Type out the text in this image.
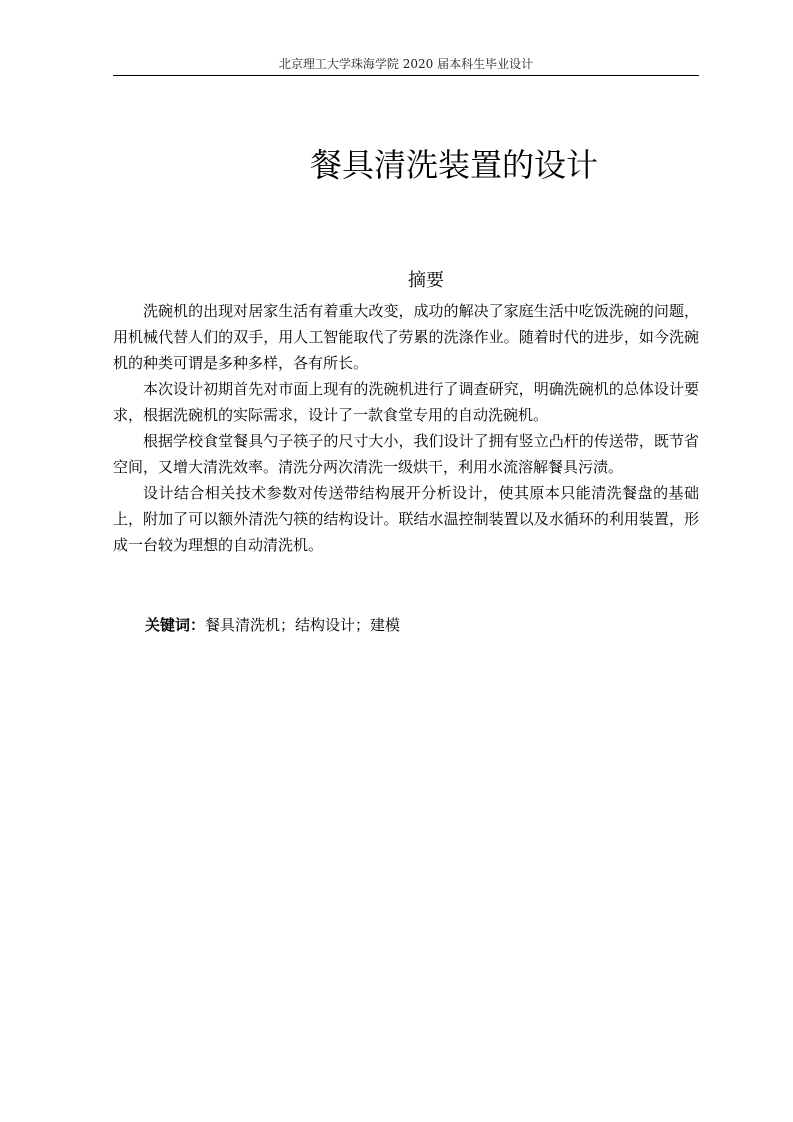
北京理工大学珠海学院 2020 届本科生毕业设计
餐具清洗装置的设计
摘要

洗碗机的出现对居家生活有着重大改变，成功的解决了家庭生活中吃饭洗碗的问题，用机械代替人们的双手，用人工智能取代了劳累的洗涤作业。随着时代的进步，如今洗碗机的种类可谓是多种多样，各有所长。

本次设计初期首先对市面上现有的洗碗机进行了调查研究，明确洗碗机的总体设计要求，根据洗碗机的实际需求，设计了一款食堂专用的自动洗碗机。

根据学校食堂餐具勺子筷子的尺寸大小，我们设计了拥有竖立凸杆的传送带，既节省空间，又增大清洗效率。清洗分两次清洗一级烘干，利用水流溶解餐具污渍。

设计结合相关技术参数对传送带结构展开分析设计，使其原本只能清洗餐盘的基础上，附加了可以额外清洗勺筷的结构设计。联结水温控制装置以及水循环的利用装置，形成一台较为理想的自动清洗机。

关键词：餐具清洗机；结构设计；建模
